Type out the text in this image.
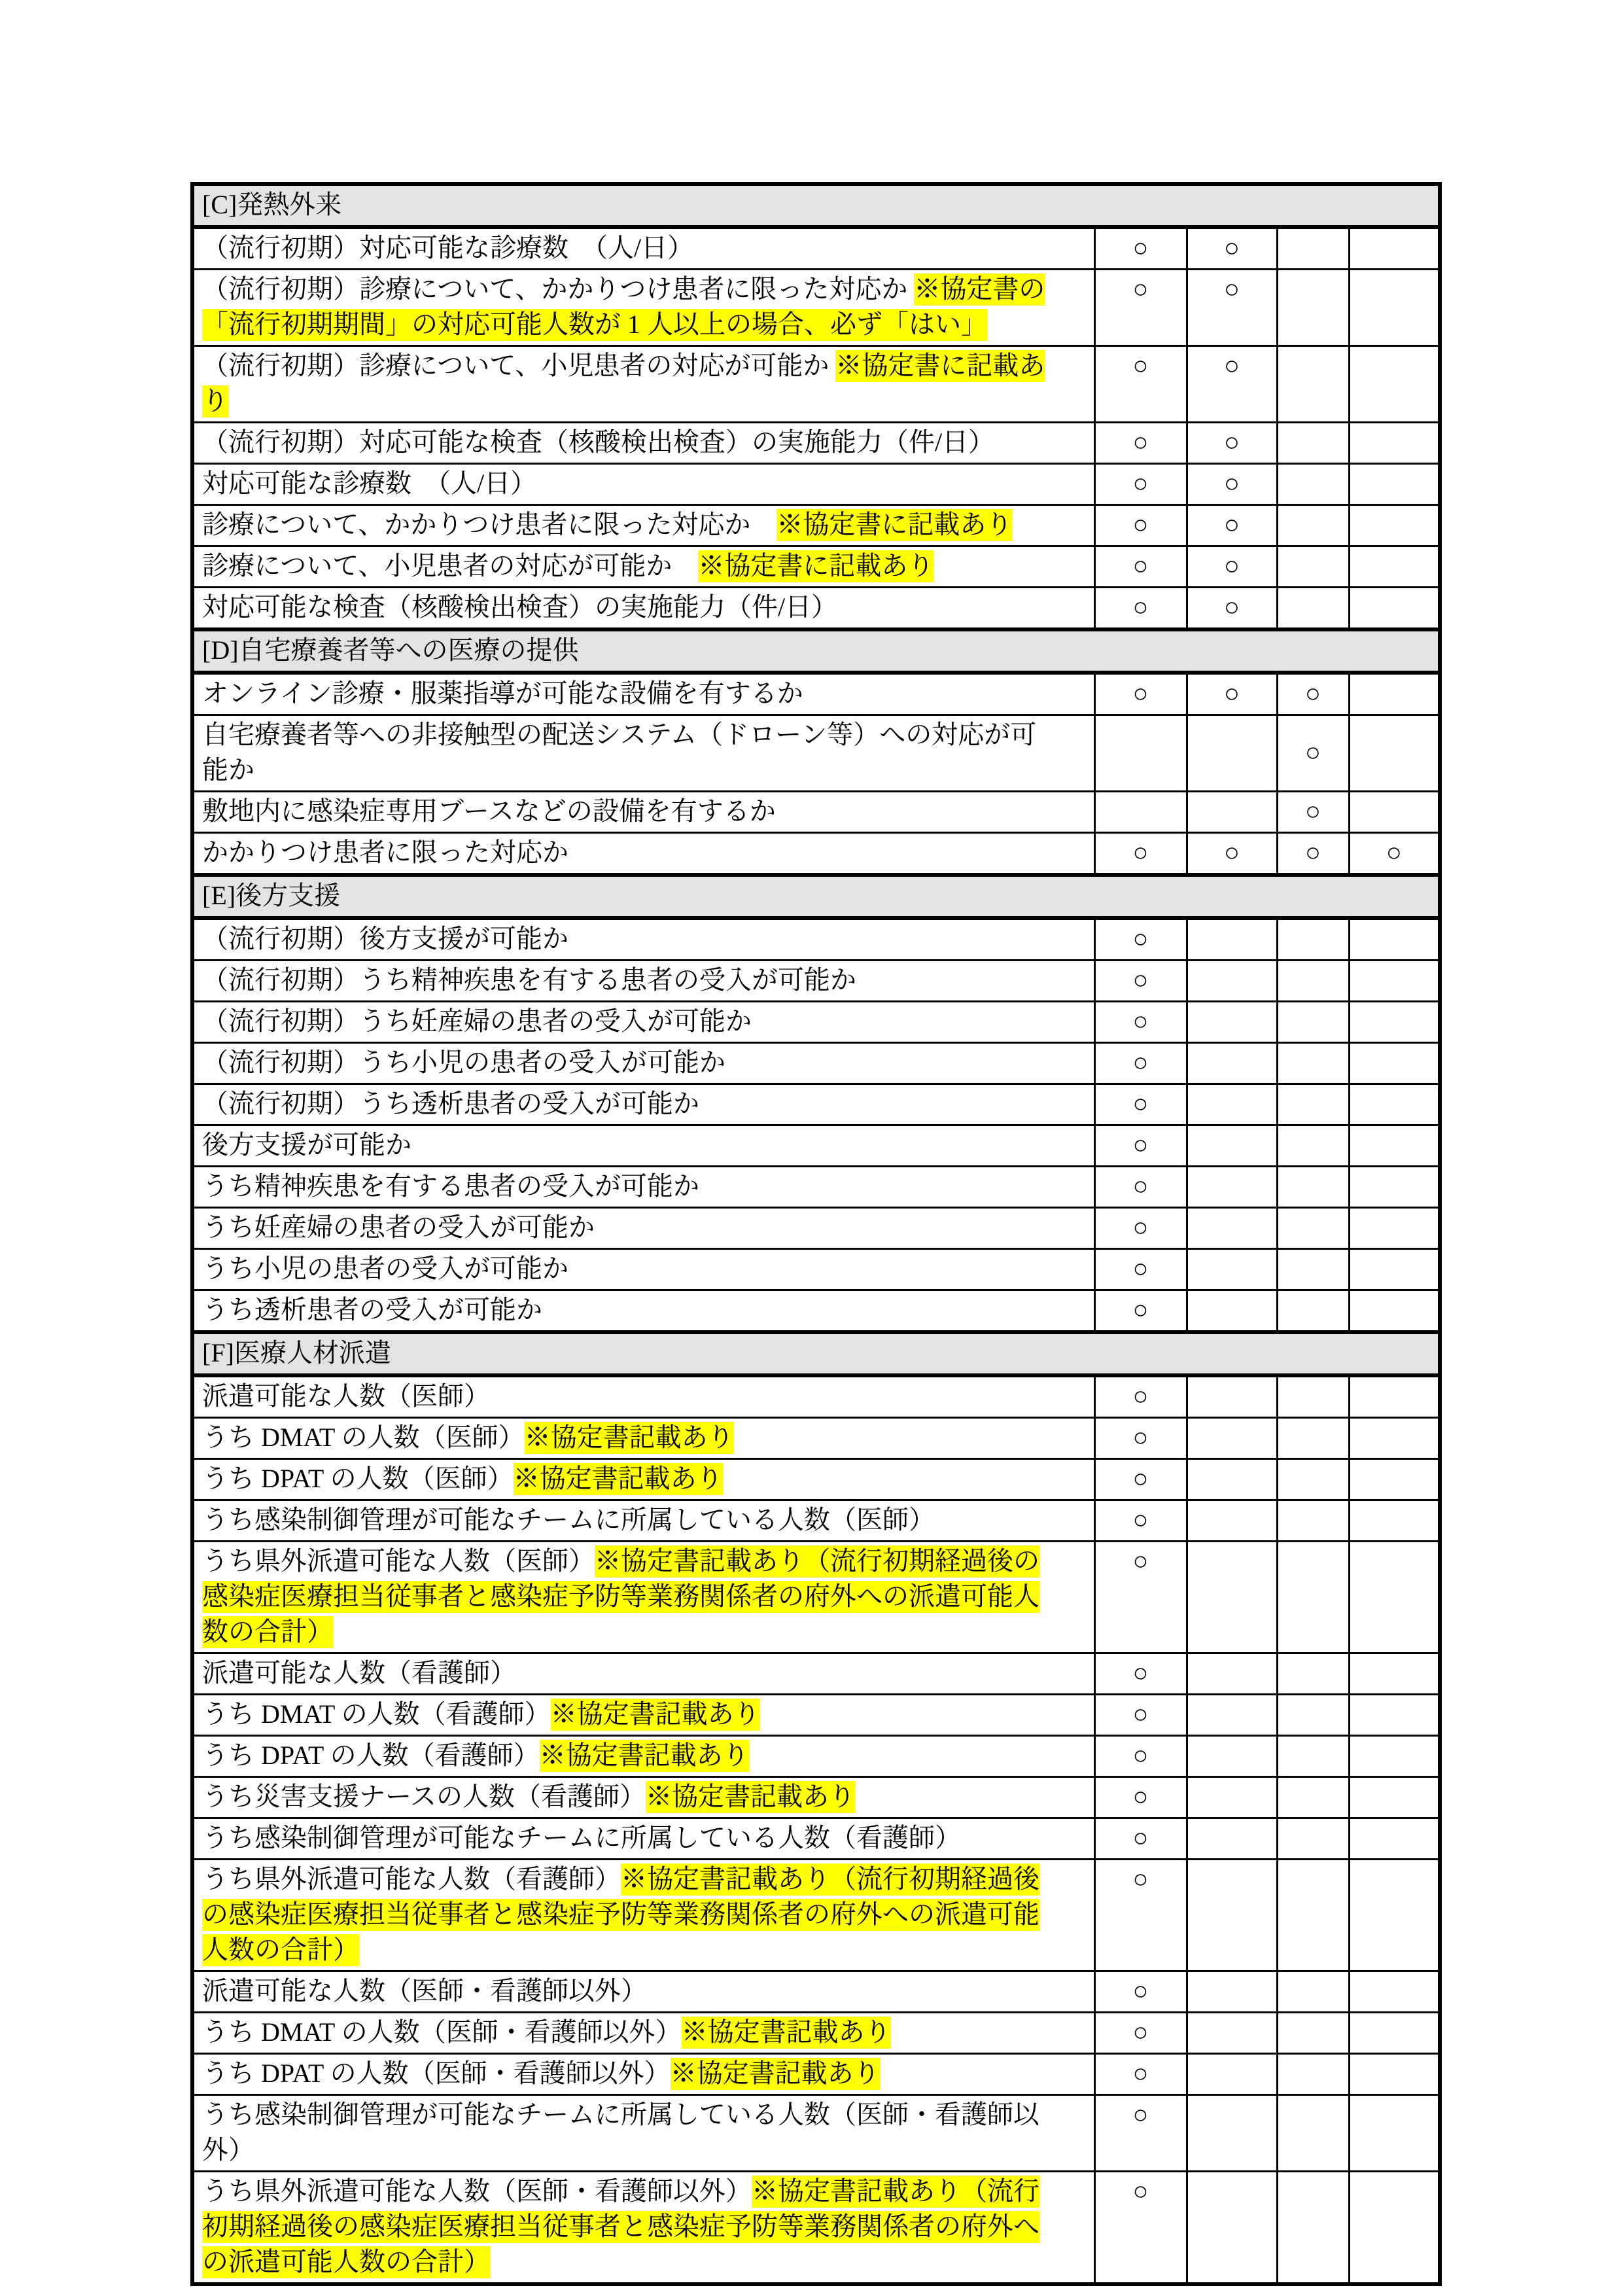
[C]発熱外来				
（流行初期）対応可能な診療数　（人/日）	○	○		
（流行初期）診療について、かかりつけ患者に限った対応か ※協定書の
「流行初期期間」の対応可能人数が 1 人以上の場合、必ず「はい」	○	○		
（流行初期）診療について、小児患者の対応が可能か ※協定書に記載あ
り	○	○		
（流行初期）対応可能な検査（核酸検出検査）の実施能力（件/日）	○	○		
対応可能な診療数　（人/日）	○	○		
診療について、かかりつけ患者に限った対応か　※協定書に記載あり	○	○		
診療について、小児患者の対応が可能か　※協定書に記載あり	○	○		
対応可能な検査（核酸検出検査）の実施能力（件/日）	○	○		
[D]自宅療養者等への医療の提供				
オンライン診療・服薬指導が可能な設備を有するか	○	○	○	
自宅療養者等への非接触型の配送システム（ドローン等）への対応が可
能か			○	
敷地内に感染症専用ブースなどの設備を有するか			○	
かかりつけ患者に限った対応か	○	○	○	○
[E]後方支援				
（流行初期）後方支援が可能か	○			
（流行初期）うち精神疾患を有する患者の受入が可能か	○			
（流行初期）うち妊産婦の患者の受入が可能か	○			
（流行初期）うち小児の患者の受入が可能か	○			
（流行初期）うち透析患者の受入が可能か	○			
後方支援が可能か	○			
うち精神疾患を有する患者の受入が可能か	○			
うち妊産婦の患者の受入が可能か	○			
うち小児の患者の受入が可能か	○			
うち透析患者の受入が可能か	○			
[F]医療人材派遣				
派遣可能な人数（医師）	○			
うち DMAT の人数（医師）※協定書記載あり	○			
うち DPAT の人数（医師）※協定書記載あり	○			
うち感染制御管理が可能なチームに所属している人数（医師）	○			
うち県外派遣可能な人数（医師）※協定書記載あり（流行初期経過後の
感染症医療担当従事者と感染症予防等業務関係者の府外への派遣可能人
数の合計）	○			
派遣可能な人数（看護師）	○			
うち DMAT の人数（看護師）※協定書記載あり	○			
うち DPAT の人数（看護師）※協定書記載あり	○			
うち災害支援ナースの人数（看護師）※協定書記載あり	○			
うち感染制御管理が可能なチームに所属している人数（看護師）	○			
うち県外派遣可能な人数（看護師）※協定書記載あり（流行初期経過後
の感染症医療担当従事者と感染症予防等業務関係者の府外への派遣可能
人数の合計）	○			
派遣可能な人数（医師・看護師以外）	○			
うち DMAT の人数（医師・看護師以外）※協定書記載あり	○			
うち DPAT の人数（医師・看護師以外）※協定書記載あり	○			
うち感染制御管理が可能なチームに所属している人数（医師・看護師以
外）	○			
うち県外派遣可能な人数（医師・看護師以外）※協定書記載あり（流行
初期経過後の感染症医療担当従事者と感染症予防等業務関係者の府外へ
の派遣可能人数の合計）	○			
